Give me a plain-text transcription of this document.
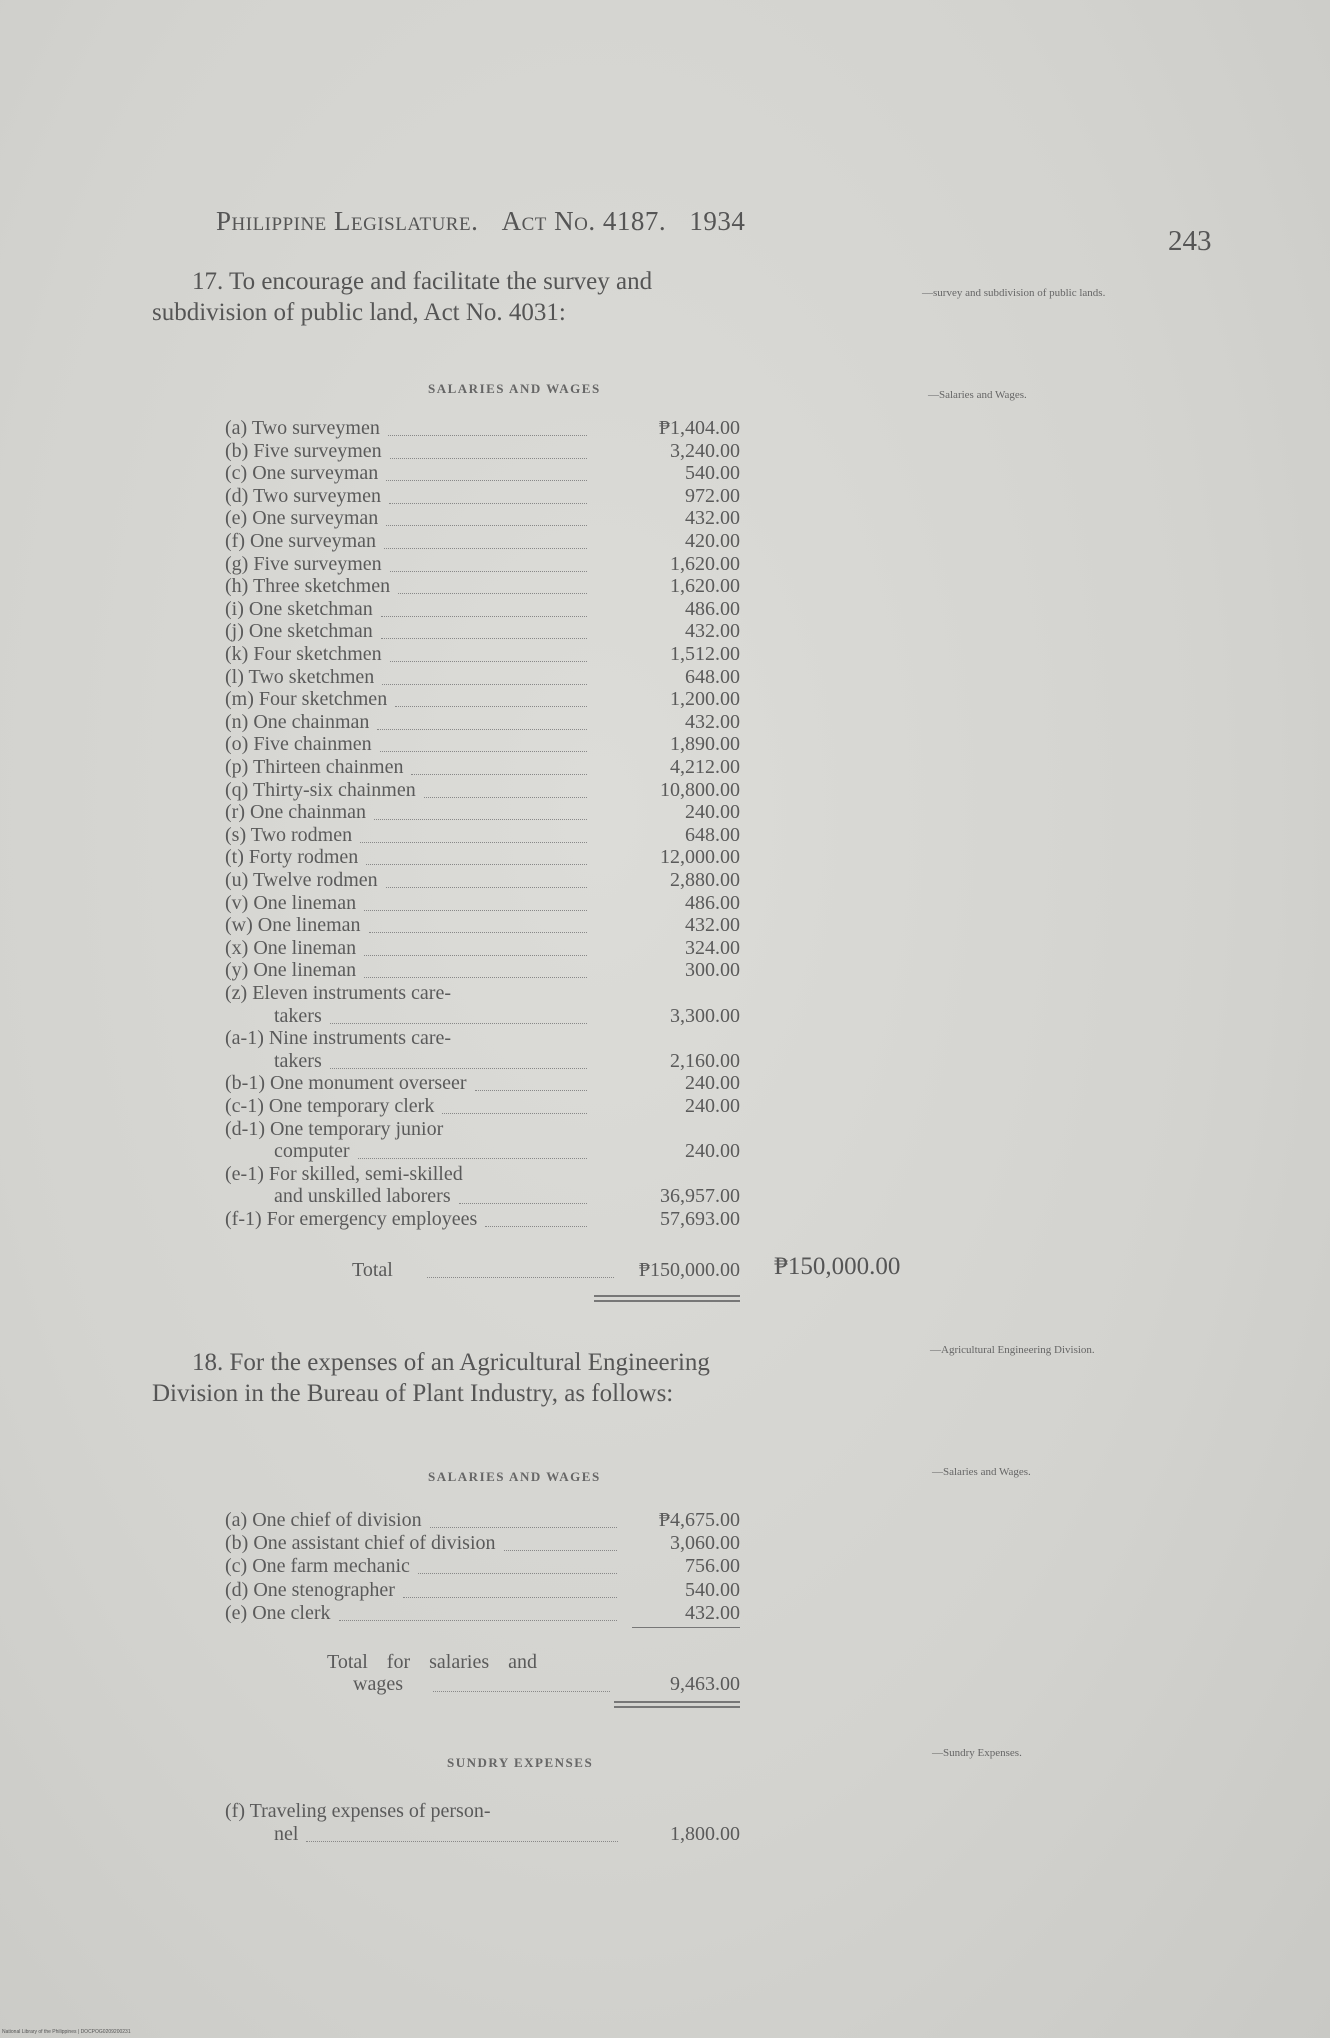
Philippine Legislature. Act No. 4187. 1934
243
17. To encourage and facilitate the survey and subdivision of public land, Act No. 4031:
—survey and subdivision of public lands.
SALARIES AND WAGES	—Salaries and Wages.
(a) Two surveymen	₱1,404.00
(b) Five surveymen	3,240.00
(c) One surveyman	540.00
(d) Two surveymen	972.00
(e) One surveyman	432.00
(f) One surveyman	420.00
(g) Five surveymen	1,620.00
(h) Three sketchmen	1,620.00
(i) One sketchman	486.00
(j) One sketchman	432.00
(k) Four sketchmen	1,512.00
(l) Two sketchmen	648.00
(m) Four sketchmen	1,200.00
(n) One chainman	432.00
(o) Five chainmen	1,890.00
(p) Thirteen chainmen	4,212.00
(q) Thirty-six chainmen	10,800.00
(r) One chainman	240.00
(s) Two rodmen	648.00
(t) Forty rodmen	12,000.00
(u) Twelve rodmen	2,880.00
(v) One lineman	486.00
(w) One lineman	432.00
(x) One lineman	324.00
(y) One lineman	300.00
(z) Eleven instruments care-
takers	3,300.00
(a-1) Nine instruments care-
takers	2,160.00
(b-1) One monument overseer	240.00
(c-1) One temporary clerk	240.00
(d-1) One temporary junior
computer	240.00
(e-1) For skilled, semi-skilled
and unskilled laborers	36,957.00
(f-1) For emergency employees	57,693.00
Total	₱150,000.00 ₱150,000.00
18. For the expenses of an Agricultural Engineering Division in the Bureau of Plant Industry, as follows:
—Agricultural Engineering Division.
SALARIES AND WAGES	—Salaries and Wages.
(a) One chief of division	₱4,675.00
(b) One assistant chief of division	3,060.00
(c) One farm mechanic	756.00
(d) One stenographer	540.00
(e) One clerk	432.00
Total for salaries and
wages	9,463.00
SUNDRY EXPENSES
—Sundry Expenses.
(f) Traveling expenses of person-
nel	1,800.00
National Library of the Philippines | DOCPOG0209200231
